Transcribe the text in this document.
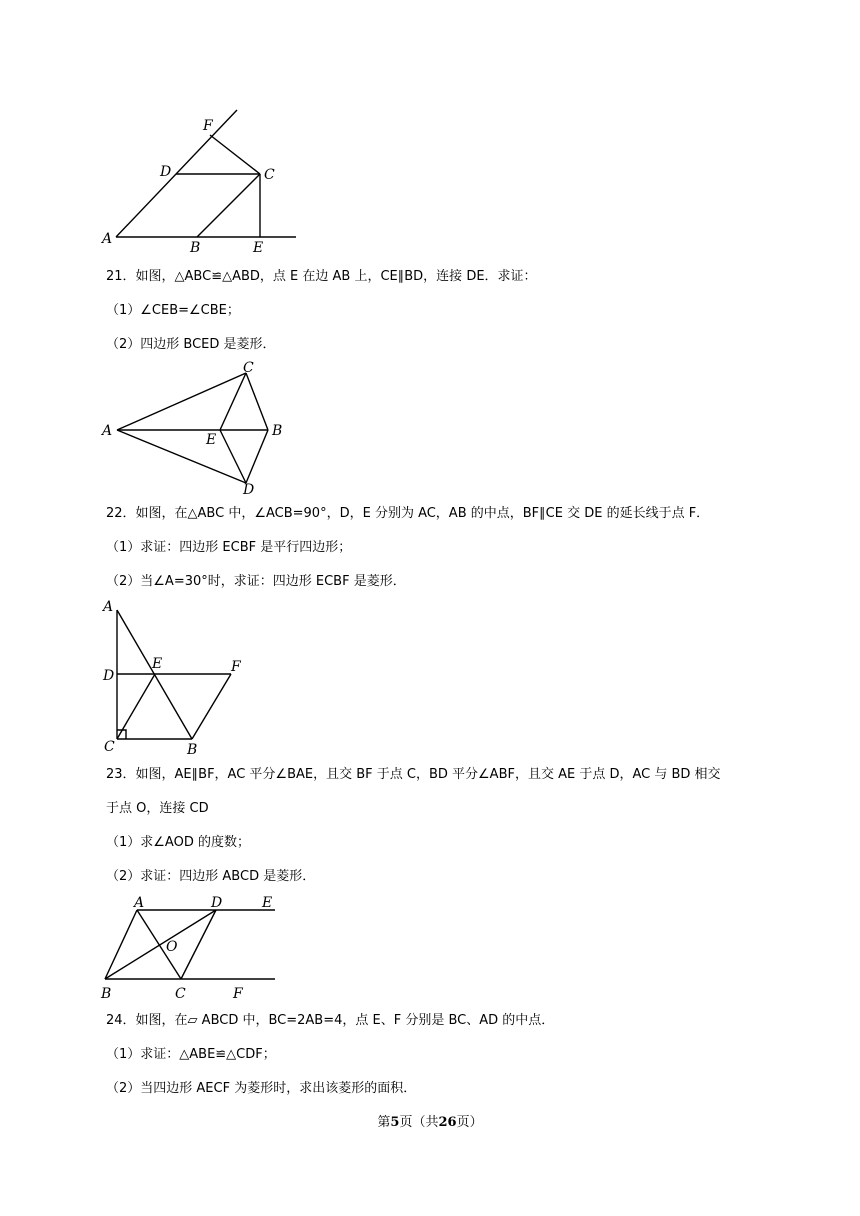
F
D	C
A
B	E
21．如图，△ABC≌△ABD，点 E 在边 AB 上，CE∥BD，连接 DE．求证：
（1）∠CEB=∠CBE；
（2）四边形 BCED 是菱形．
C
A
E
B
D
22．如图，在△ABC 中，∠ACB=90°，D，E 分别为 AC，AB 的中点，BF∥CE 交 DE 的延长线于点 F．
（1）求证：四边形 ECBF 是平行四边形；
（2）当∠A=30°时，求证：四边形 ECBF 是菱形．
A
D
E	F
C	B
23．如图，AE∥BF，AC 平分∠BAE，且交 BF 于点 C，BD 平分∠ABF，且交 AE 于点 D，AC 与 BD 相交
于点 O，连接 CD
（1）求∠AOD 的度数；
（2）求证：四边形 ABCD 是菱形．
A	D	E
O
B	C	F
24．如图，在▱ ABCD 中，BC=2AB=4，点 E、F 分别是 BC、AD 的中点．
（1）求证：△ABE≌△CDF；
（2）当四边形 AECF 为菱形时，求出该菱形的面积．
第5页（共26页）
